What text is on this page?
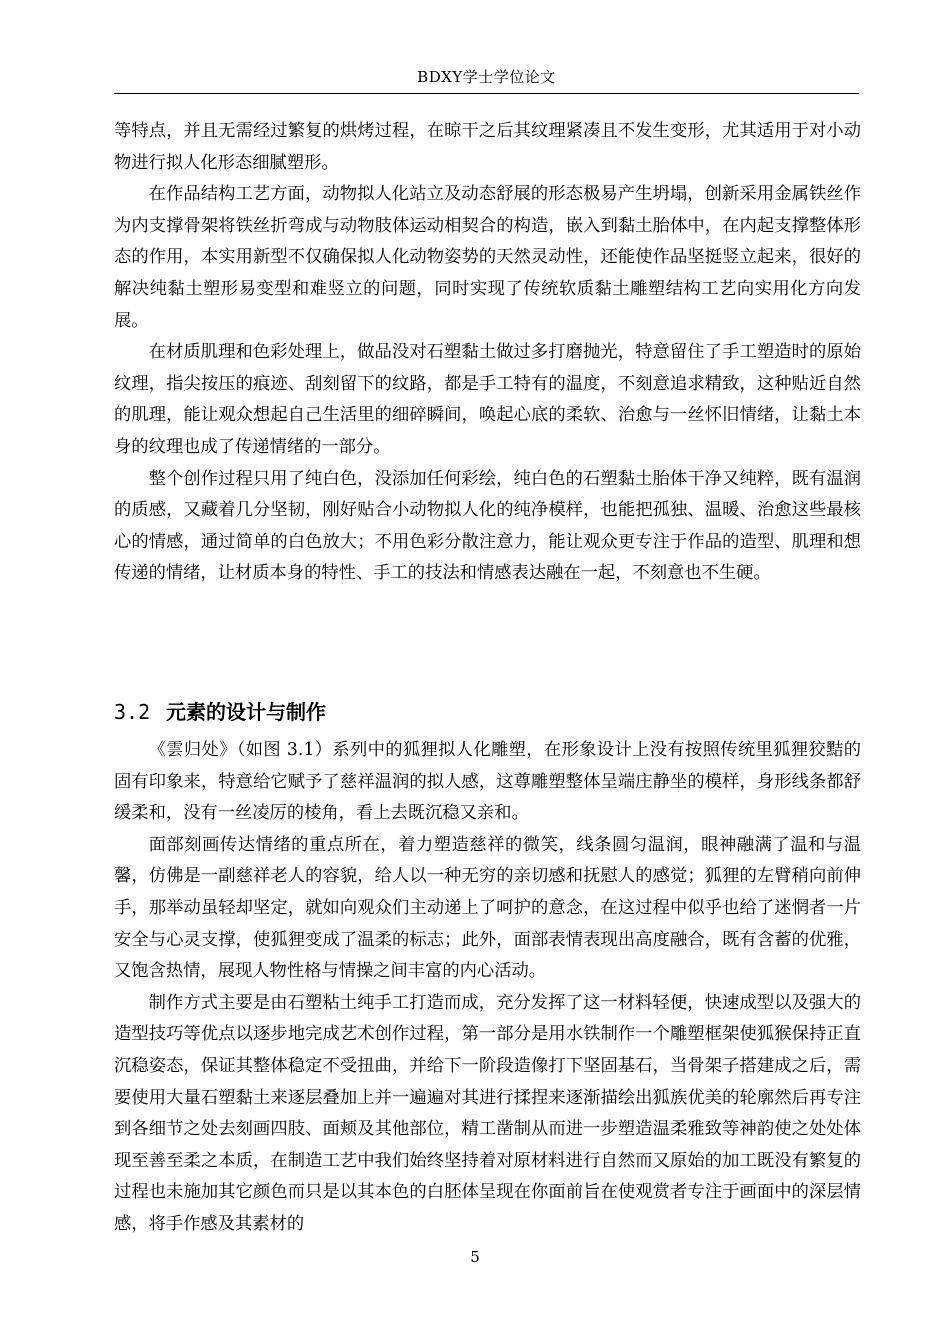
BDXY学士学位论文

等特点，并且无需经过繁复的烘烤过程，在晾干之后其纹理紧凑且不发生变形，尤其适用于对小动物进行拟人化形态细腻塑形。

在作品结构工艺方面，动物拟人化站立及动态舒展的形态极易产生坍塌，创新采用金属铁丝作为内支撑骨架将铁丝折弯成与动物肢体运动相契合的构造，嵌入到黏土胎体中，在内起支撑整体形态的作用，本实用新型不仅确保拟人化动物姿势的天然灵动性，还能使作品坚挺竖立起来，很好的解决纯黏土塑形易变型和难竖立的问题，同时实现了传统软质黏土雕塑结构工艺向实用化方向发展。

在材质肌理和色彩处理上，做品没对石塑黏土做过多打磨抛光，特意留住了手工塑造时的原始纹理，指尖按压的痕迹、刮刻留下的纹路，都是手工特有的温度，不刻意追求精致，这种贴近自然的肌理，能让观众想起自己生活里的细碎瞬间，唤起心底的柔软、治愈与一丝怀旧情绪，让黏土本身的纹理也成了传递情绪的一部分。

整个创作过程只用了纯白色，没添加任何彩绘，纯白色的石塑黏土胎体干净又纯粹，既有温润的质感，又藏着几分坚韧，刚好贴合小动物拟人化的纯净模样，也能把孤独、温暖、治愈这些最核心的情感，通过简单的白色放大；不用色彩分散注意力，能让观众更专注于作品的造型、肌理和想传递的情绪，让材质本身的特性、手工的技法和情感表达融在一起，不刻意也不生硬。

3.2 元素的设计与制作

《雲归处》（如图 3.1）系列中的狐狸拟人化雕塑，在形象设计上没有按照传统里狐狸狡黠的固有印象来，特意给它赋予了慈祥温润的拟人感，这尊雕塑整体呈端庄静坐的模样，身形线条都舒缓柔和，没有一丝凌厉的棱角，看上去既沉稳又亲和。

面部刻画传达情绪的重点所在，着力塑造慈祥的微笑，线条圆匀温润，眼神融满了温和与温馨，仿佛是一副慈祥老人的容貌，给人以一种无穷的亲切感和抚慰人的感觉；狐狸的左臂稍向前伸手，那举动虽轻却坚定，就如向观众们主动递上了呵护的意念，在这过程中似乎也给了迷惘者一片安全与心灵支撑，使狐狸变成了温柔的标志；此外，面部表情表现出高度融合，既有含蓄的优雅，又饱含热情，展现人物性格与情操之间丰富的内心活动。

制作方式主要是由石塑粘土纯手工打造而成，充分发挥了这一材料轻便，快速成型以及强大的造型技巧等优点以逐步地完成艺术创作过程，第一部分是用水铁制作一个雕塑框架使狐猴保持正直沉稳姿态，保证其整体稳定不受扭曲，并给下一阶段造像打下坚固基石，当骨架子搭建成之后，需要使用大量石塑黏土来逐层叠加上并一遍遍对其进行揉捏来逐渐描绘出狐族优美的轮廓然后再专注到各细节之处去刻画四肢、面颊及其他部位，精工凿制从而进一步塑造温柔雅致等神韵使之处处体现至善至柔之本质，在制造工艺中我们始终坚持着对原材料进行自然而又原始的加工既没有繁复的过程也未施加其它颜色而只是以其本色的白胚体呈现在你面前旨在使观赏者专注于画面中的深层情感，将手作感及其素材的

5
